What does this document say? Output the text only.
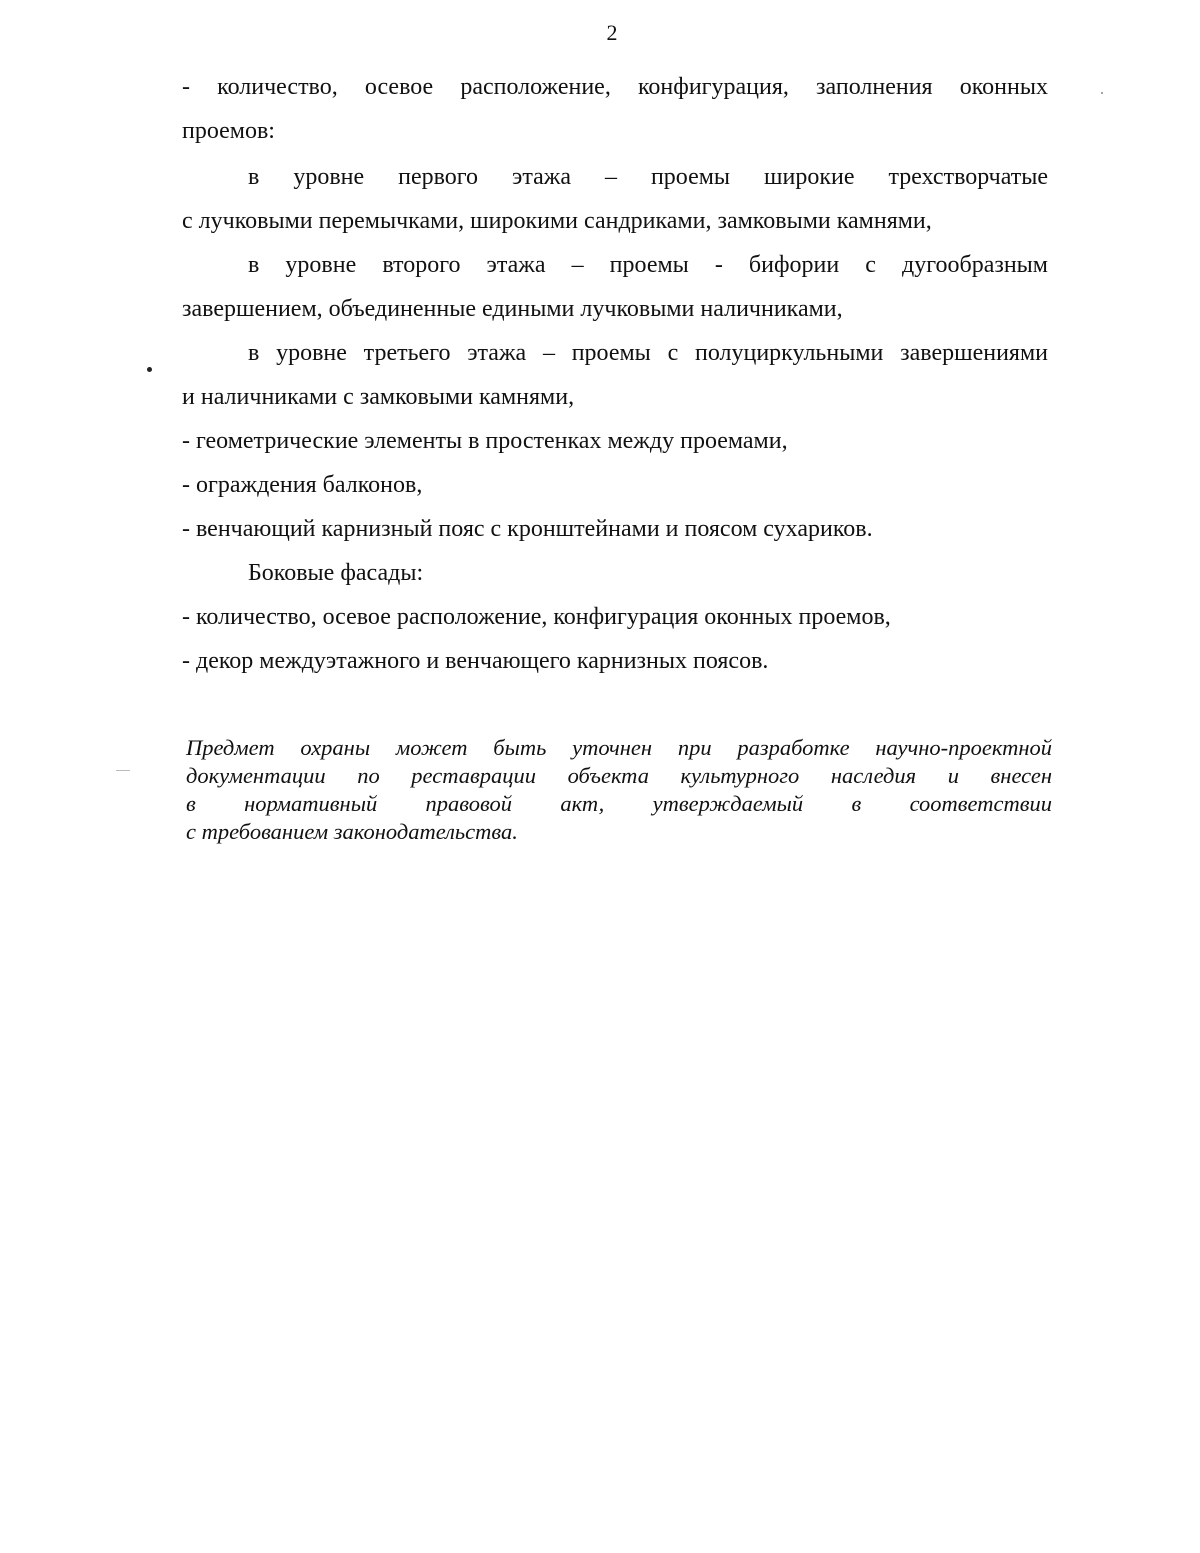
2
- количество, осевое расположение, конфигурация, заполнения оконных
проемов:
в уровне первого этажа – проемы широкие трехстворчатые
с лучковыми перемычками, широкими сандриками, замковыми камнями,
в уровне второго этажа – проемы - бифории с дугообразным
завершением, объединенные едиными лучковыми наличниками,
в уровне третьего этажа – проемы с полуциркульными завершениями
и наличниками с замковыми камнями,
- геометрические элементы в простенках между проемами,
- ограждения балконов,
- венчающий карнизный пояс с кронштейнами и поясом сухариков.
Боковые фасады:
- количество, осевое расположение, конфигурация оконных проемов,
- декор междуэтажного и венчающего карнизных поясов.
Предмет охраны может быть уточнен при разработке научно-проектной
документации по реставрации объекта культурного наследия и внесен
в нормативный правовой акт, утверждаемый в соответствии
с требованием законодательства.
